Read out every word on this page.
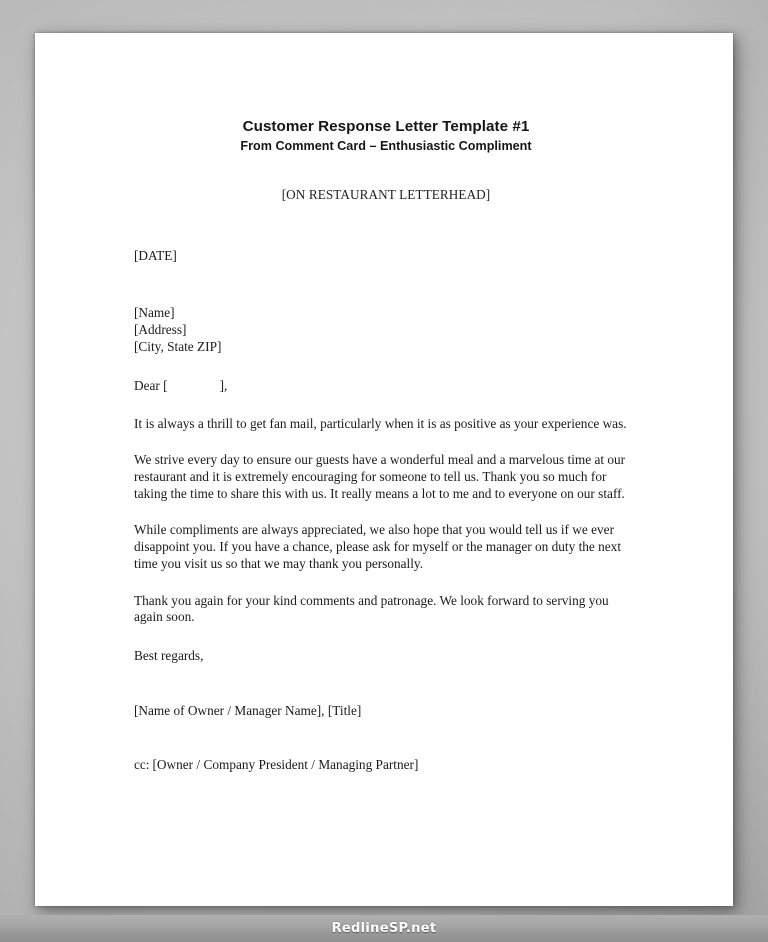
Customer Response Letter Template #1
From Comment Card – Enthusiastic Compliment
[ON RESTAURANT LETTERHEAD]
[DATE]
[Name]
[Address]
[City, State ZIP]
Dear [	],

It is always a thrill to get fan mail, particularly when it is as positive as your experience was.

We strive every day to ensure our guests have a wonderful meal and a marvelous time at our restaurant and it is extremely encouraging for someone to tell us. Thank you so much for taking the time to share this with us. It really means a lot to me and to everyone on our staff.

While compliments are always appreciated, we also hope that you would tell us if we ever disappoint you. If you have a chance, please ask for myself or the manager on duty the next time you visit us so that we may thank you personally.

Thank you again for your kind comments and patronage. We look forward to serving you again soon.

Best regards,
[Name of Owner / Manager Name], [Title]
cc: [Owner / Company President / Managing Partner]
RedlineSP.net
